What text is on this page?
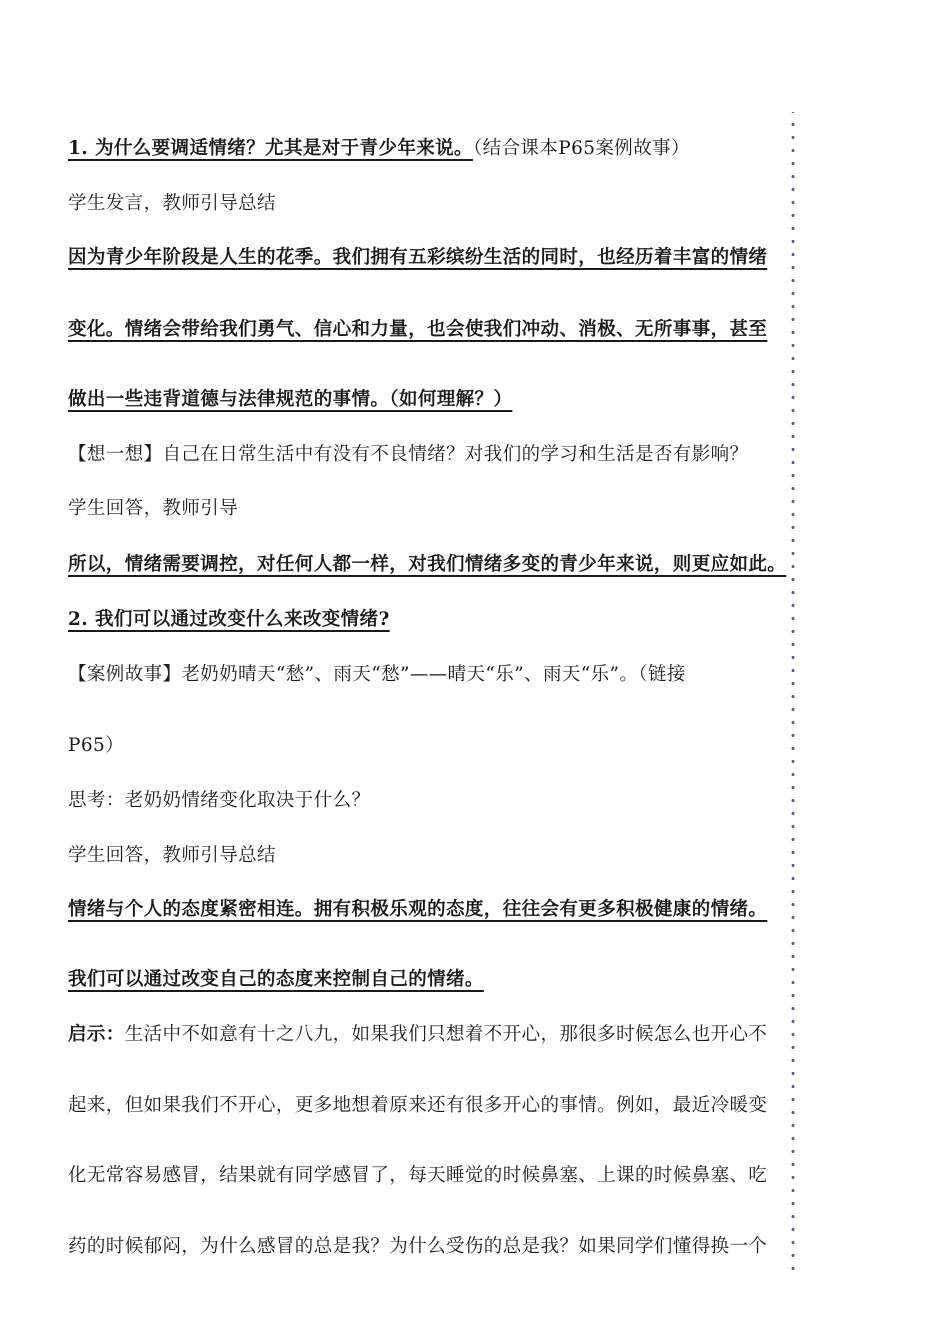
1. 为什么要调适情绪？尤其是对于青少年来说。（结合课本P65案例故事）
学生发言，教师引导总结
因为青少年阶段是人生的花季。我们拥有五彩缤纷生活的同时，也经历着丰富的情绪
变化。情绪会带给我们勇气、信心和力量，也会使我们冲动、消极、无所事事，甚至
做出一些违背道德与法律规范的事情。（如何理解？）
【想一想】自己在日常生活中有没有不良情绪？对我们的学习和生活是否有影响？
学生回答，教师引导
所以，情绪需要调控，对任何人都一样，对我们情绪多变的青少年来说，则更应如此。
2. 我们可以通过改变什么来改变情绪?
【案例故事】老奶奶晴天“愁”、雨天“愁”——晴天“乐”、雨天“乐”。（链接
P65）
思考：老奶奶情绪变化取决于什么？
学生回答，教师引导总结
情绪与个人的态度紧密相连。拥有积极乐观的态度，往往会有更多积极健康的情绪。
我们可以通过改变自己的态度来控制自己的情绪。
启示：生活中不如意有十之八九，如果我们只想着不开心，那很多时候怎么也开心不
起来，但如果我们不开心，更多地想着原来还有很多开心的事情。例如，最近冷暖变
化无常容易感冒，结果就有同学感冒了，每天睡觉的时候鼻塞、上课的时候鼻塞、吃
药的时候郁闷，为什么感冒的总是我？为什么受伤的总是我？如果同学们懂得换一个
